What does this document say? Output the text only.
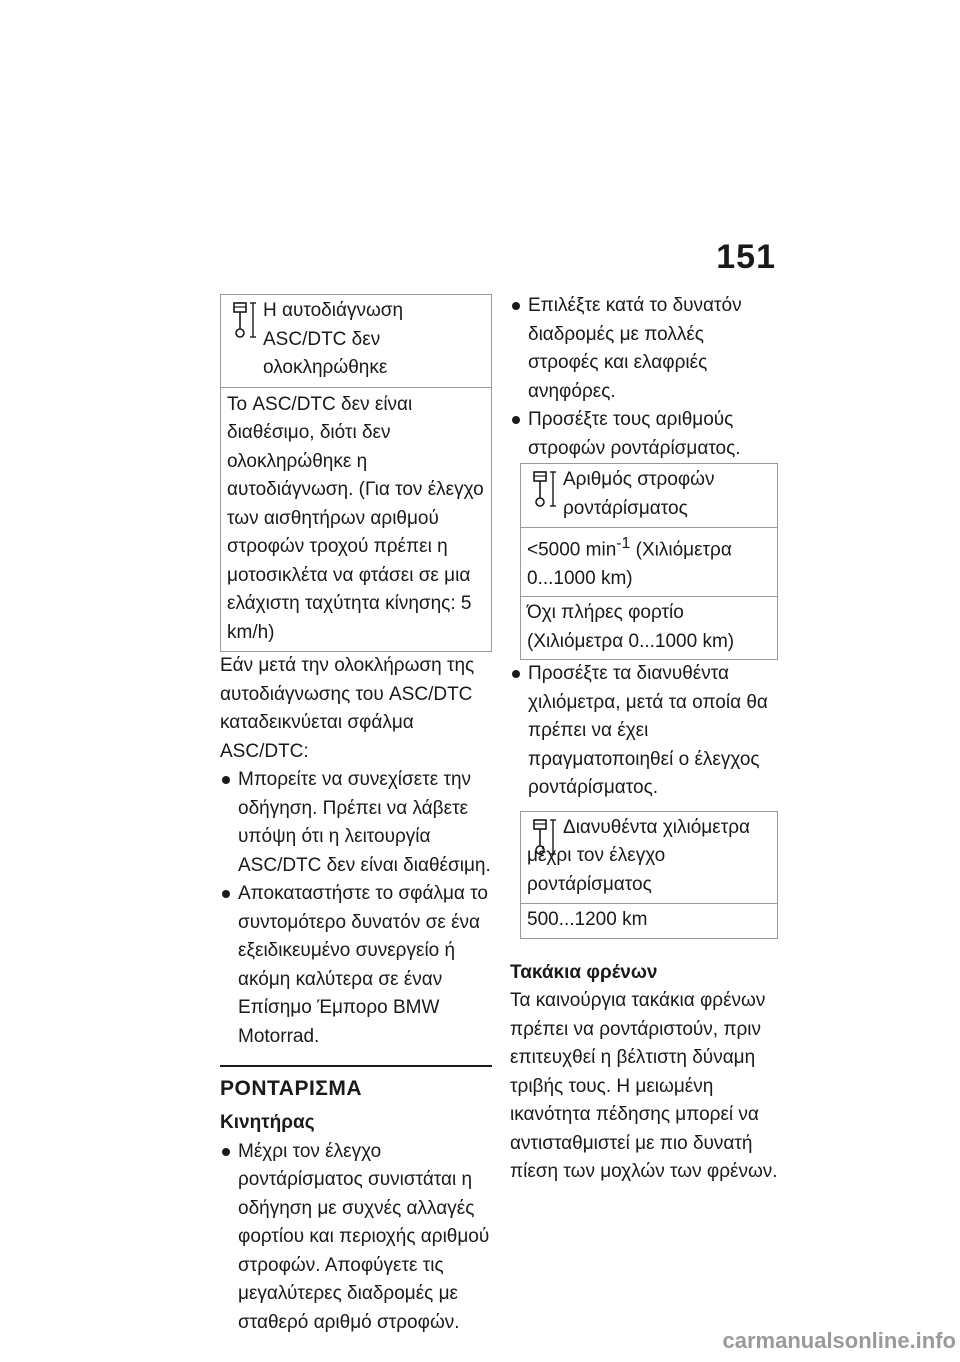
151
Η αυτοδιάγνωση ASC/DTC δεν ολοκληρώθηκε
Το ASC/DTC δεν είναι διαθέσιμο, διότι δεν ολοκληρώθηκε η αυτοδιάγνωση. (Για τον έλεγχο των αισθητήρων αριθμού στροφών τροχού πρέπει η μοτοσικλέτα να φτάσει σε μια ελάχιστη ταχύτητα κίνησης: 5 km/h)

Εάν μετά την ολοκλήρωση της αυτοδιάγνωσης του ASC/DTC καταδεικνύεται σφάλμα ASC/DTC:

Μπορείτε να συνεχίσετε την οδήγηση. Πρέπει να λάβετε υπόψη ότι η λειτουργία ASC/DTC δεν είναι διαθέσιμη.
Αποκαταστήστε το σφάλμα το συντομότερο δυνατόν σε ένα εξειδικευμένο συνεργείο ή ακόμη καλύτερα σε έναν Επίσημο Έμπορο BMW Motorrad.
ΡΟΝΤΑΡΙΣΜΑ
Κινητήρας
Μέχρι τον έλεγχο ροντάρίσματος συνιστάται η οδήγηση με συχνές αλλαγές φορτίου και περιοχής αριθμού στροφών. Αποφύγετε τις μεγαλύτερες διαδρομές με σταθερό αριθμό στροφών.
Επιλέξτε κατά το δυνατόν διαδρομές με πολλές στροφές και ελαφριές ανηφόρες.
Προσέξτε τους αριθμούς στροφών ροντάρίσματος.
Αριθμός στροφών ροντάρίσματος
<5000 $\min^{-1} (X\iota\lambda\iota ό\mu\varepsilon\tau\rho\alpha$ 0...1000 km)
Όχι πλήρες φορτίο (Χιλιόμετρα 0...1000 km)
Προσέξτε τα διανυθέντα χιλιόμετρα, μετά τα οποία θα πρέπει να έχει πραγματοποιηθεί ο έλεγχος ροντάρίσματος.
Διανυθέντα χιλιόμετρα μέχρι τον έλεγχο ροντάρίσματος
500...1200 km
Τακάκια φρένων

Τα καινούργια τακάκια φρένων πρέπει να ροντάριστούν, πριν επιτευχθεί η βέλτιστη δύναμη τριβής τους. Η μειωμένη ικανότητα πέδησης μπορεί να αντισταθμιστεί με πιο δυνατή πίεση των μοχλών των φρένων.

carmanualsonline.info
